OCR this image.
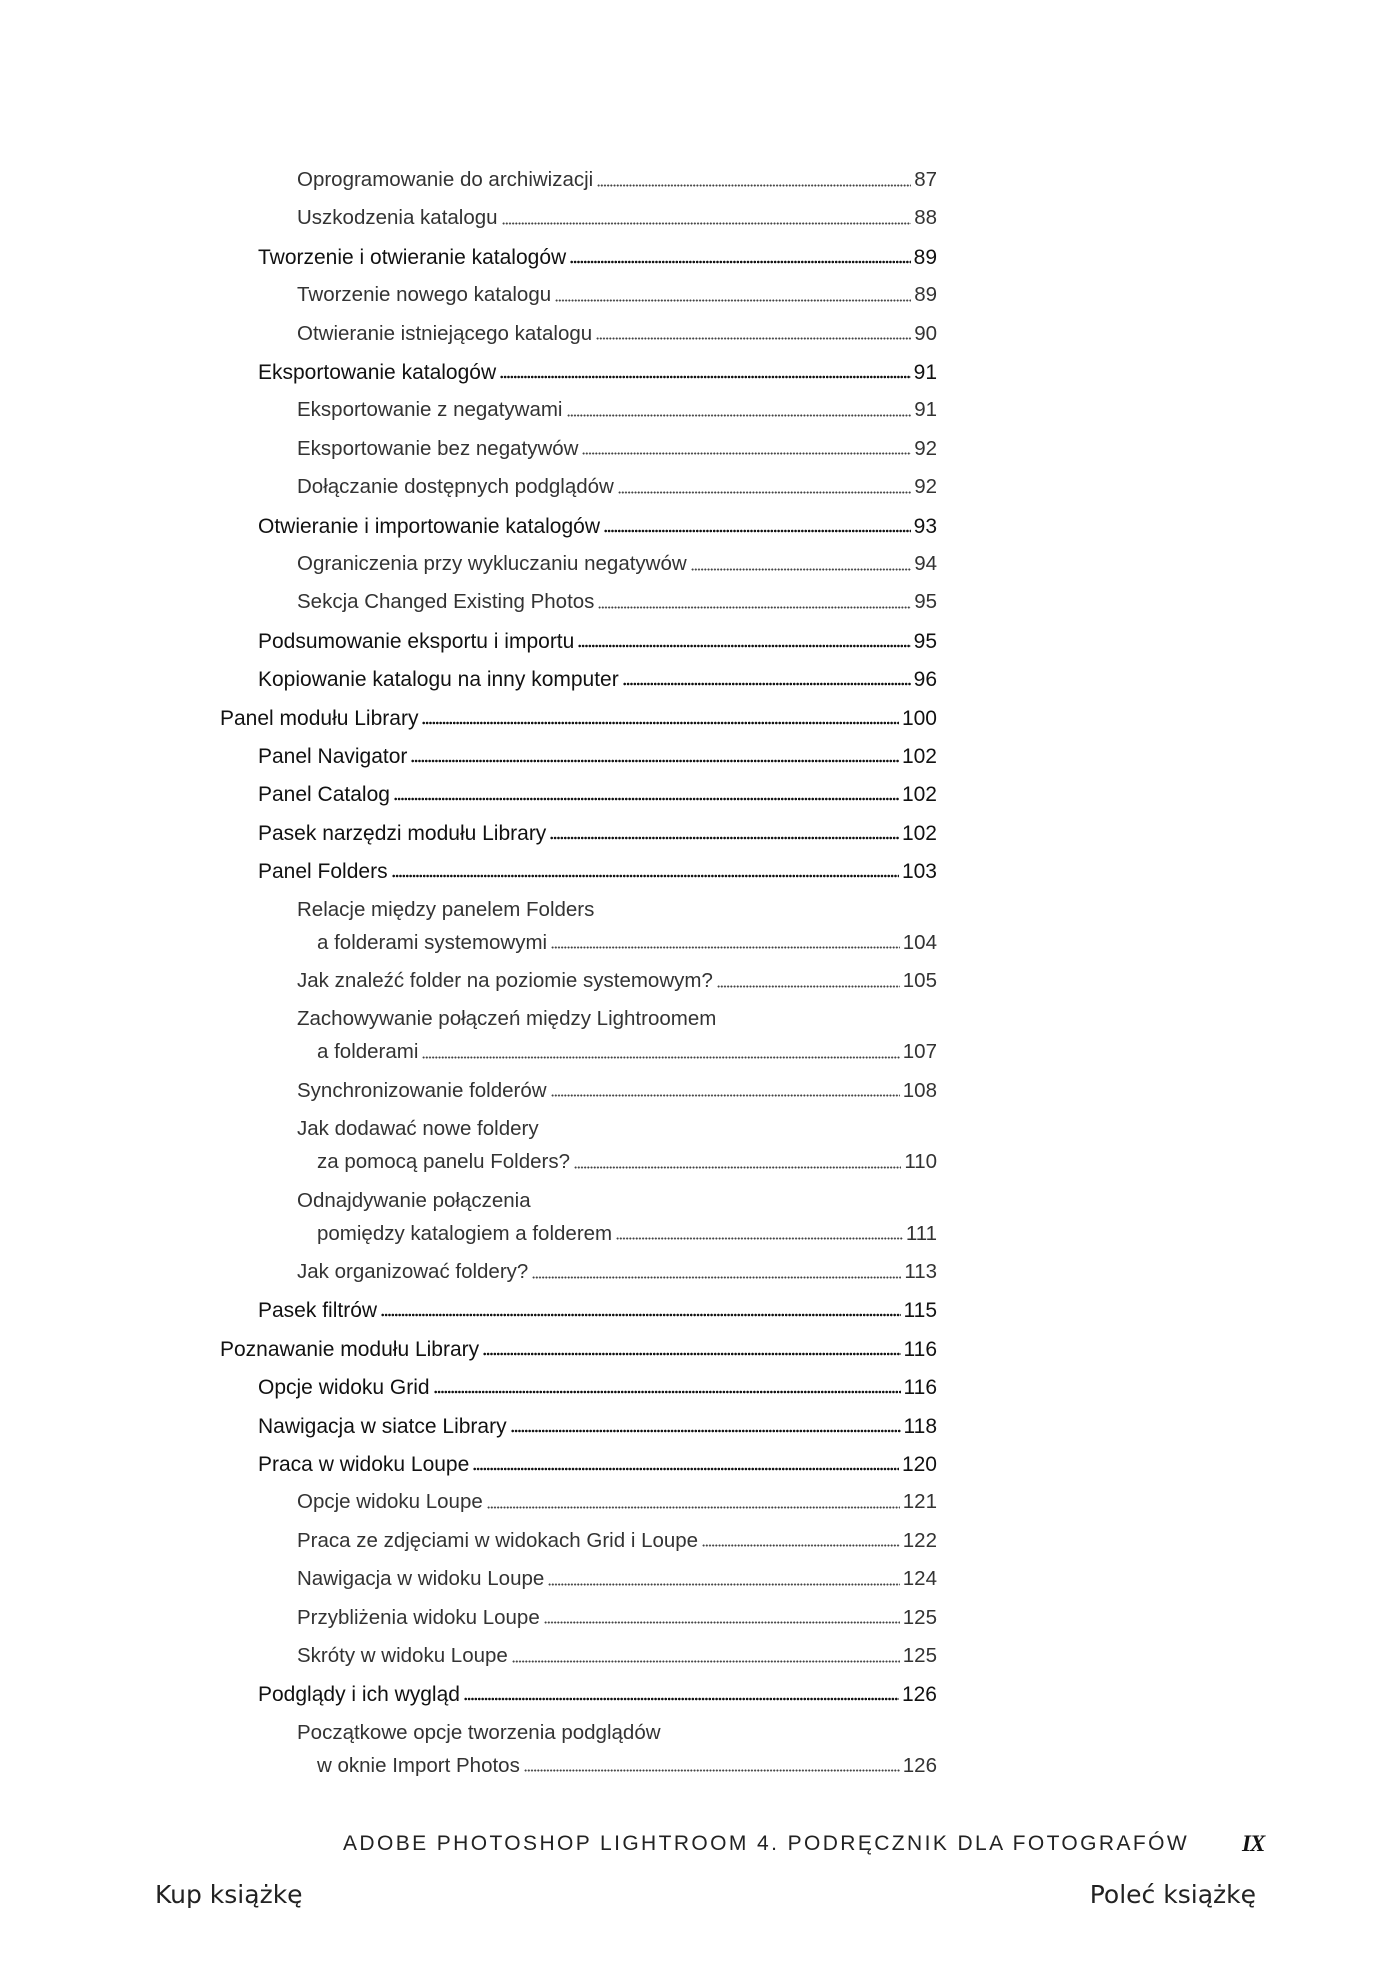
Oprogramowanie do archiwizacji	87
Uszkodzenia katalogu	88
Tworzenie i otwieranie katalogów	89
Tworzenie nowego katalogu	89
Otwieranie istniejącego katalogu	90
Eksportowanie katalogów	91
Eksportowanie z negatywami	91
Eksportowanie bez negatywów	92
Dołączanie dostępnych podglądów	92
Otwieranie i importowanie katalogów	93
Ograniczenia przy wykluczaniu negatywów	94
Sekcja Changed Existing Photos	95
Podsumowanie eksportu i importu	95
Kopiowanie katalogu na inny komputer	96
Panel modułu Library	100
Panel Navigator	102
Panel Catalog	102
Pasek narzędzi modułu Library	102
Panel Folders	103
Relacje między panelem Folders
a folderami systemowymi	104
Jak znaleźć folder na poziomie systemowym?	105
Zachowywanie połączeń między Lightroomem
a folderami	107
Synchronizowanie folderów	108
Jak dodawać nowe foldery
za pomocą panelu Folders?	110
Odnajdywanie połączenia
pomiędzy katalogiem a folderem	111
Jak organizować foldery?	113
Pasek filtrów	115
Poznawanie modułu Library	116
Opcje widoku Grid	116
Nawigacja w siatce Library	118
Praca w widoku Loupe	120
Opcje widoku Loupe	121
Praca ze zdjęciami w widokach Grid i Loupe	122
Nawigacja w widoku Loupe	124
Przybliżenia widoku Loupe	125
Skróty w widoku Loupe	125
Podglądy i ich wygląd	126
Początkowe opcje tworzenia podglądów
w oknie Import Photos	126
ADOBE PHOTOSHOP LIGHTROOM 4. PODRĘCZNIK DLA FOTOGRAFÓW IX
Kup książkę	Poleć książkę
